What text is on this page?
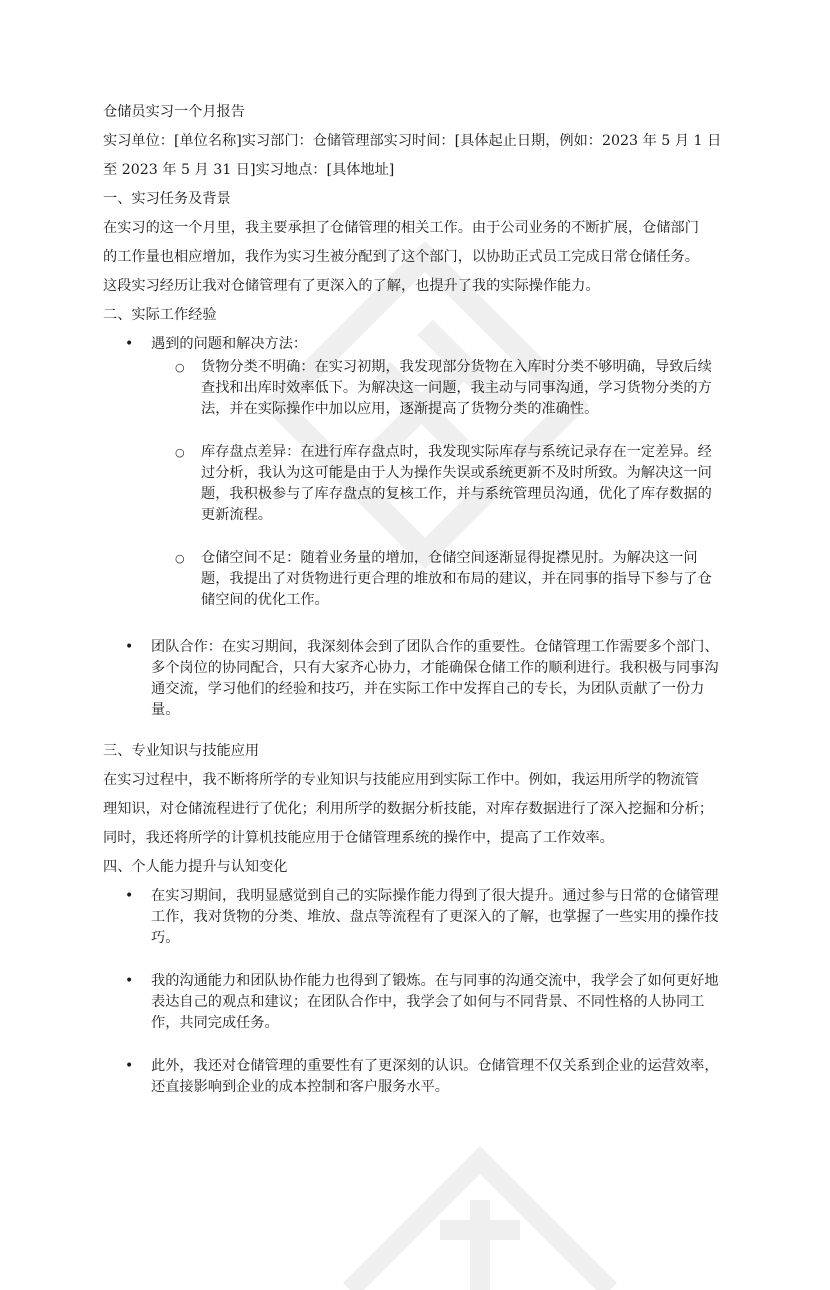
仓储员实习一个月报告

实习单位：[单位名称]实习部门：仓储管理部实习时间：[具体起止日期，例如：2023 年 5 月 1 日

至 2023 年 5 月 31 日]实习地点：[具体地址]

一、实习任务及背景

在实习的这一个月里，我主要承担了仓储管理的相关工作。由于公司业务的不断扩展，仓储部门

的工作量也相应增加，我作为实习生被分配到了这个部门，以协助正式员工完成日常仓储任务。

这段实习经历让我对仓储管理有了更深入的了解，也提升了我的实际操作能力。

二、实际工作经验

• 遇到的问题和解决方法：
○ 货物分类不明确：在实习初期，我发现部分货物在入库时分类不够明确，导致后续查找和出库时效率低下。为解决这一问题，我主动与同事沟通，学习货物分类的方法，并在实际操作中加以应用，逐渐提高了货物分类的准确性。
○ 库存盘点差异：在进行库存盘点时，我发现实际库存与系统记录存在一定差异。经过分析，我认为这可能是由于人为操作失误或系统更新不及时所致。为解决这一问题，我积极参与了库存盘点的复核工作，并与系统管理员沟通，优化了库存数据的更新流程。
○ 仓储空间不足：随着业务量的增加，仓储空间逐渐显得捉襟见肘。为解决这一问题，我提出了对货物进行更合理的堆放和布局的建议，并在同事的指导下参与了仓储空间的优化工作。
• 团队合作：在实习期间，我深刻体会到了团队合作的重要性。仓储管理工作需要多个部门、多个岗位的协同配合，只有大家齐心协力，才能确保仓储工作的顺利进行。我积极与同事沟通交流，学习他们的经验和技巧，并在实际工作中发挥自己的专长，为团队贡献了一份力量。

三、专业知识与技能应用

在实习过程中，我不断将所学的专业知识与技能应用到实际工作中。例如，我运用所学的物流管

理知识，对仓储流程进行了优化；利用所学的数据分析技能，对库存数据进行了深入挖掘和分析；

同时，我还将所学的计算机技能应用于仓储管理系统的操作中，提高了工作效率。

四、个人能力提升与认知变化

• 在实习期间，我明显感觉到自己的实际操作能力得到了很大提升。通过参与日常的仓储管理工作，我对货物的分类、堆放、盘点等流程有了更深入的了解，也掌握了一些实用的操作技巧。
• 我的沟通能力和团队协作能力也得到了锻炼。在与同事的沟通交流中，我学会了如何更好地表达自己的观点和建议；在团队合作中，我学会了如何与不同背景、不同性格的人协同工作，共同完成任务。
• 此外，我还对仓储管理的重要性有了更深刻的认识。仓储管理不仅关系到企业的运营效率，还直接影响到企业的成本控制和客户服务水平。
